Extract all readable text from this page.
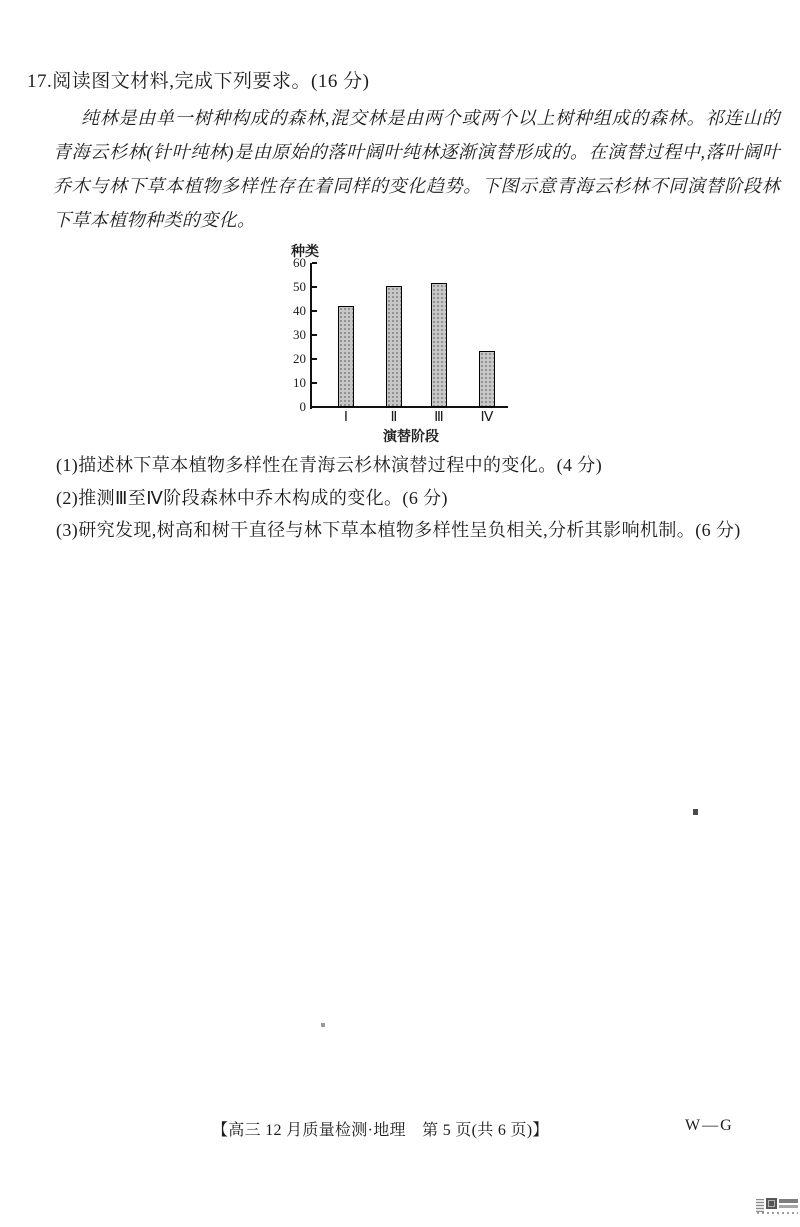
17.阅读图文材料,完成下列要求。(16 分)

纯林是由单一树种构成的森林,混交林是由两个或两个以上树种组成的森林。祁连山的青海云杉林(针叶纯林)是由原始的落叶阔叶纯林逐渐演替形成的。在演替过程中,落叶阔叶乔木与林下草本植物多样性存在着同样的变化趋势。下图示意青海云杉林不同演替阶段林下草本植物种类的变化。

种类
0
10
20
30
40
50
60
Ⅰ	Ⅱ	Ⅲ	Ⅳ
演替阶段
(1)描述林下草本植物多样性在青海云杉林演替过程中的变化。(4 分)
(2)推测Ⅲ至Ⅳ阶段森林中乔木构成的变化。(6 分)
(3)研究发现,树高和树干直径与林下草本植物多样性呈负相关,分析其影响机制。(6 分)
【高三 12 月质量检测·地理　第 5 页(共 6 页)】	W—G
